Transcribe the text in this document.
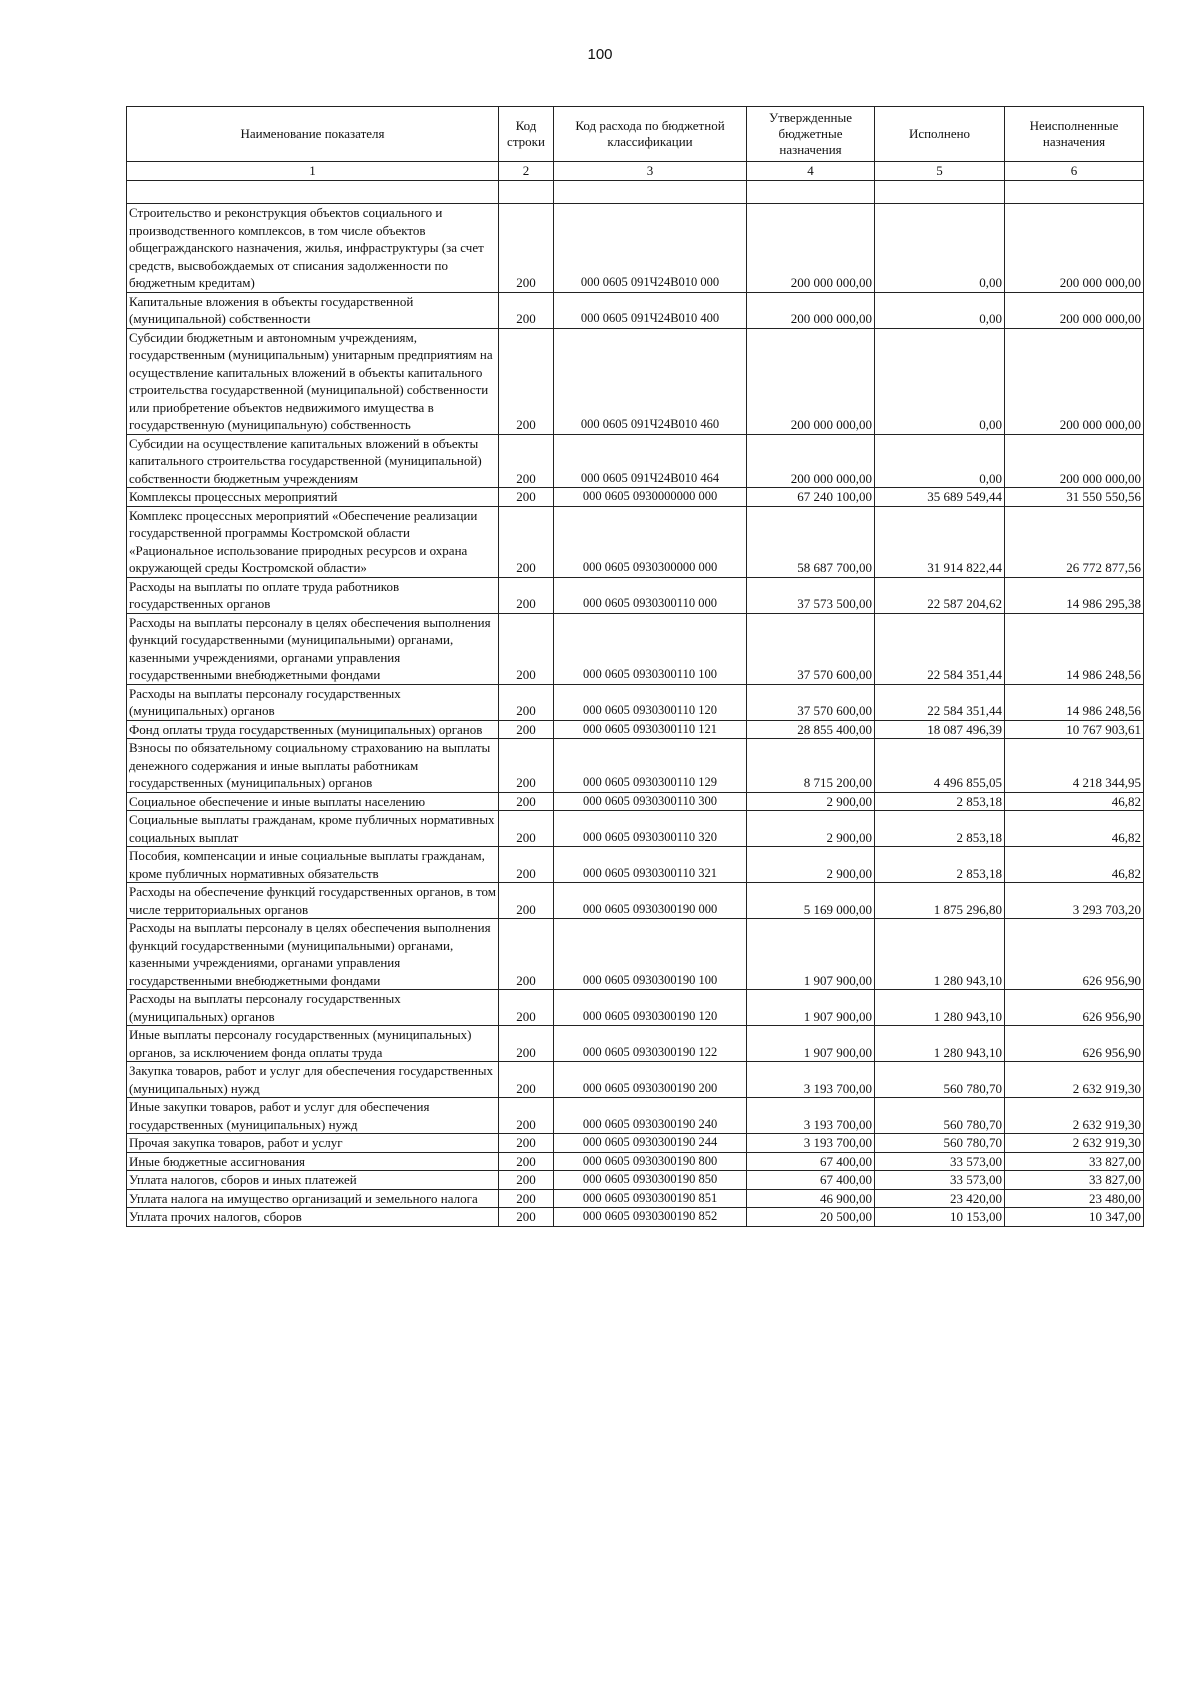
100
Наименование показателя	Код строки	Код расхода по бюджетной классификации	Утвержденные бюджетные назначения	Исполнено	Неисполненные назначения
1	2	3	4	5	6

Строительство и реконструкция объектов социального и производственного комплексов, в том числе объектов общегражданского назначения, жилья, инфраструктуры (за счет средств, высвобождаемых от списания задолженности по бюджетным кредитам)	200	000 0605 091Ч24В010 000	200 000 000,00	0,00	200 000 000,00
Капитальные вложения в объекты государственной (муниципальной) собственности	200	000 0605 091Ч24В010 400	200 000 000,00	0,00	200 000 000,00
Субсидии бюджетным и автономным учреждениям, государственным (муниципальным) унитарным предприятиям на осуществление капитальных вложений в объекты капитального строительства государственной (муниципальной) собственности или приобретение объектов недвижимого имущества в государственную (муниципальную) собственность	200	000 0605 091Ч24В010 460	200 000 000,00	0,00	200 000 000,00
Субсидии на осуществление капитальных вложений в объекты капитального строительства государственной (муниципальной) собственности бюджетным учреждениям	200	000 0605 091Ч24В010 464	200 000 000,00	0,00	200 000 000,00
Комплексы процессных мероприятий	200	000 0605 0930000000 000	67 240 100,00	35 689 549,44	31 550 550,56
Комплекс процессных мероприятий «Обеспечение реализации государственной программы Костромской области «Рациональное использование природных ресурсов и охрана окружающей среды Костромской области»	200	000 0605 0930300000 000	58 687 700,00	31 914 822,44	26 772 877,56
Расходы на выплаты по оплате труда работников государственных органов	200	000 0605 0930300110 000	37 573 500,00	22 587 204,62	14 986 295,38
Расходы на выплаты персоналу в целях обеспечения выполнения функций государственными (муниципальными) органами, казенными учреждениями, органами управления государственными внебюджетными фондами	200	000 0605 0930300110 100	37 570 600,00	22 584 351,44	14 986 248,56
Расходы на выплаты персоналу государственных (муниципальных) органов	200	000 0605 0930300110 120	37 570 600,00	22 584 351,44	14 986 248,56
Фонд оплаты труда государственных (муниципальных) органов	200	000 0605 0930300110 121	28 855 400,00	18 087 496,39	10 767 903,61
Взносы по обязательному социальному страхованию на выплаты денежного содержания и иные выплаты работникам государственных (муниципальных) органов	200	000 0605 0930300110 129	8 715 200,00	4 496 855,05	4 218 344,95
Социальное обеспечение и иные выплаты населению	200	000 0605 0930300110 300	2 900,00	2 853,18	46,82
Социальные выплаты гражданам, кроме публичных нормативных социальных выплат	200	000 0605 0930300110 320	2 900,00	2 853,18	46,82
Пособия, компенсации и иные социальные выплаты гражданам, кроме публичных нормативных обязательств	200	000 0605 0930300110 321	2 900,00	2 853,18	46,82
Расходы на обеспечение функций государственных органов, в том числе территориальных органов	200	000 0605 0930300190 000	5 169 000,00	1 875 296,80	3 293 703,20
Расходы на выплаты персоналу в целях обеспечения выполнения функций государственными (муниципальными) органами, казенными учреждениями, органами управления государственными внебюджетными фондами	200	000 0605 0930300190 100	1 907 900,00	1 280 943,10	626 956,90
Расходы на выплаты персоналу государственных (муниципальных) органов	200	000 0605 0930300190 120	1 907 900,00	1 280 943,10	626 956,90
Иные выплаты персоналу государственных (муниципальных) органов, за исключением фонда оплаты труда	200	000 0605 0930300190 122	1 907 900,00	1 280 943,10	626 956,90
Закупка товаров, работ и услуг для обеспечения государственных (муниципальных) нужд	200	000 0605 0930300190 200	3 193 700,00	560 780,70	2 632 919,30
Иные закупки товаров, работ и услуг для обеспечения государственных (муниципальных) нужд	200	000 0605 0930300190 240	3 193 700,00	560 780,70	2 632 919,30
Прочая закупка товаров, работ и услуг	200	000 0605 0930300190 244	3 193 700,00	560 780,70	2 632 919,30
Иные бюджетные ассигнования	200	000 0605 0930300190 800	67 400,00	33 573,00	33 827,00
Уплата налогов, сборов и иных платежей	200	000 0605 0930300190 850	67 400,00	33 573,00	33 827,00
Уплата налога на имущество организаций и земельного налога	200	000 0605 0930300190 851	46 900,00	23 420,00	23 480,00
Уплата прочих налогов, сборов	200	000 0605 0930300190 852	20 500,00	10 153,00	10 347,00
